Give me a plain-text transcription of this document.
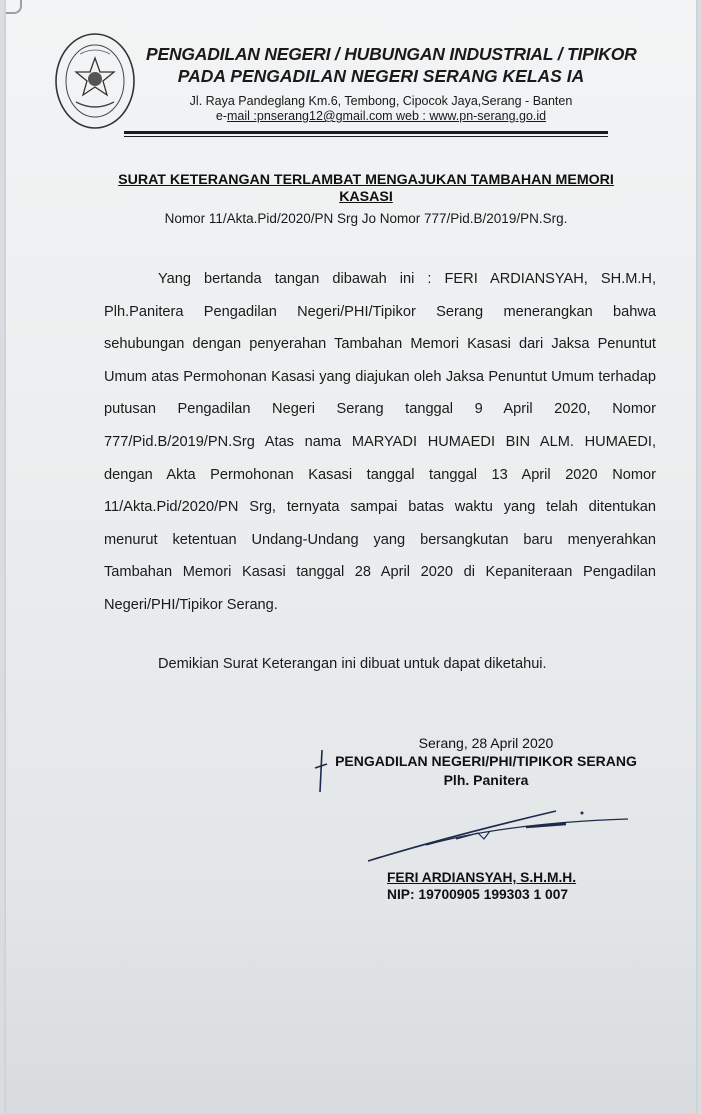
PENGADILAN NEGERI / HUBUNGAN INDUSTRIAL / TIPIKOR
PADA PENGADILAN NEGERI SERANG KELAS IA
Jl. Raya Pandeglang Km.6, Tembong, Cipocok Jaya,Serang - Banten
e-mail :pnserang12@gmail.com web : www.pn-serang.go.id
SURAT KETERANGAN TERLAMBAT MENGAJUKAN TAMBAHAN MEMORI KASASI
Nomor 11/Akta.Pid/2020/PN Srg Jo Nomor 777/Pid.B/2019/PN.Srg.
Yang bertanda tangan dibawah ini : FERI ARDIANSYAH, SH.M.H, Plh.Panitera Pengadilan Negeri/PHI/Tipikor Serang menerangkan bahwa sehubungan dengan penyerahan Tambahan Memori Kasasi dari Jaksa Penuntut Umum atas Permohonan Kasasi yang diajukan oleh Jaksa Penuntut Umum terhadap putusan Pengadilan Negeri Serang tanggal 9 April 2020, Nomor 777/Pid.B/2019/PN.Srg Atas nama MARYADI HUMAEDI BIN ALM. HUMAEDI, dengan Akta Permohonan Kasasi tanggal tanggal 13 April 2020 Nomor 11/Akta.Pid/2020/PN Srg, ternyata sampai batas waktu yang telah ditentukan menurut ketentuan Undang-Undang yang bersangkutan baru menyerahkan Tambahan Memori Kasasi tanggal 28 April 2020 di Kepaniteraan Pengadilan Negeri/PHI/Tipikor Serang.
Demikian Surat Keterangan ini dibuat untuk dapat diketahui.
Serang, 28 April 2020
PENGADILAN NEGERI/PHI/TIPIKOR SERANG
Plh. Panitera
FERI ARDIANSYAH, S.H.M.H.
NIP: 19700905 199303 1 007
